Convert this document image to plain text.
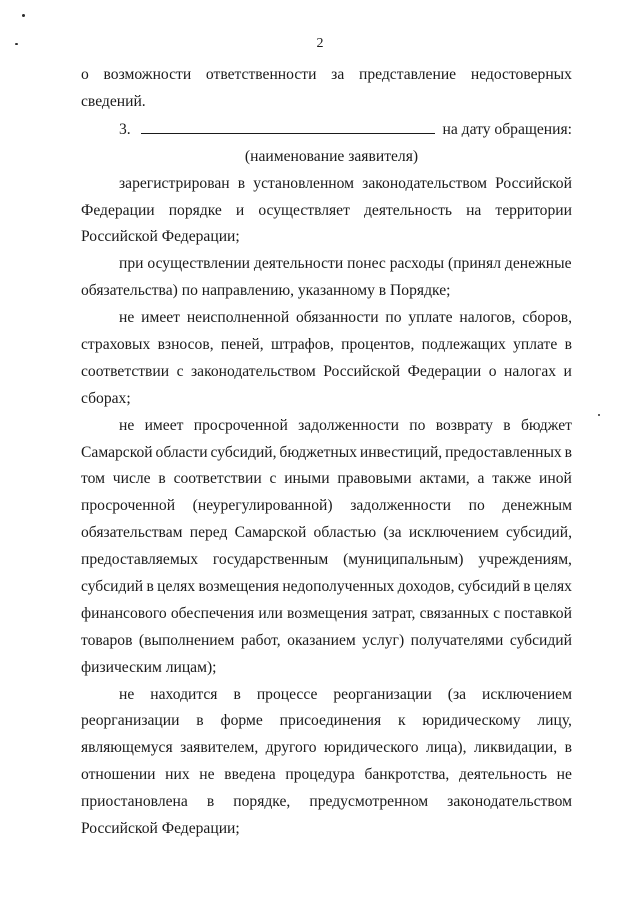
2
о возможности ответственности за представление недостоверных
сведений.
3.	на дату обращения:
(наименование заявителя)
зарегистрирован в установленном законодательством Российской
Федерации порядке и осуществляет деятельность на территории
Российской Федерации;
при осуществлении деятельности понес расходы (принял денежные
обязательства) по направлению, указанному в Порядке;
не имеет неисполненной обязанности по уплате налогов, сборов,
страховых взносов, пеней, штрафов, процентов, подлежащих уплате в
соответствии с законодательством Российской Федерации о налогах и
сборах;
не имеет просроченной задолженности по возврату в бюджет
Самарской области субсидий, бюджетных инвестиций, предоставленных в
том числе в соответствии с иными правовыми актами, а также иной
просроченной (неурегулированной) задолженности по денежным
обязательствам перед Самарской областью (за исключением субсидий,
предоставляемых государственным (муниципальным) учреждениям,
субсидий в целях возмещения недополученных доходов, субсидий в целях
финансового обеспечения или возмещения затрат, связанных с поставкой
товаров (выполнением работ, оказанием услуг) получателями субсидий
физическим лицам);
не находится в процессе реорганизации (за исключением
реорганизации в форме присоединения к юридическому лицу,
являющемуся заявителем, другого юридического лица), ликвидации, в
отношении них не введена процедура банкротства, деятельность не
приостановлена в порядке, предусмотренном законодательством
Российской Федерации;
